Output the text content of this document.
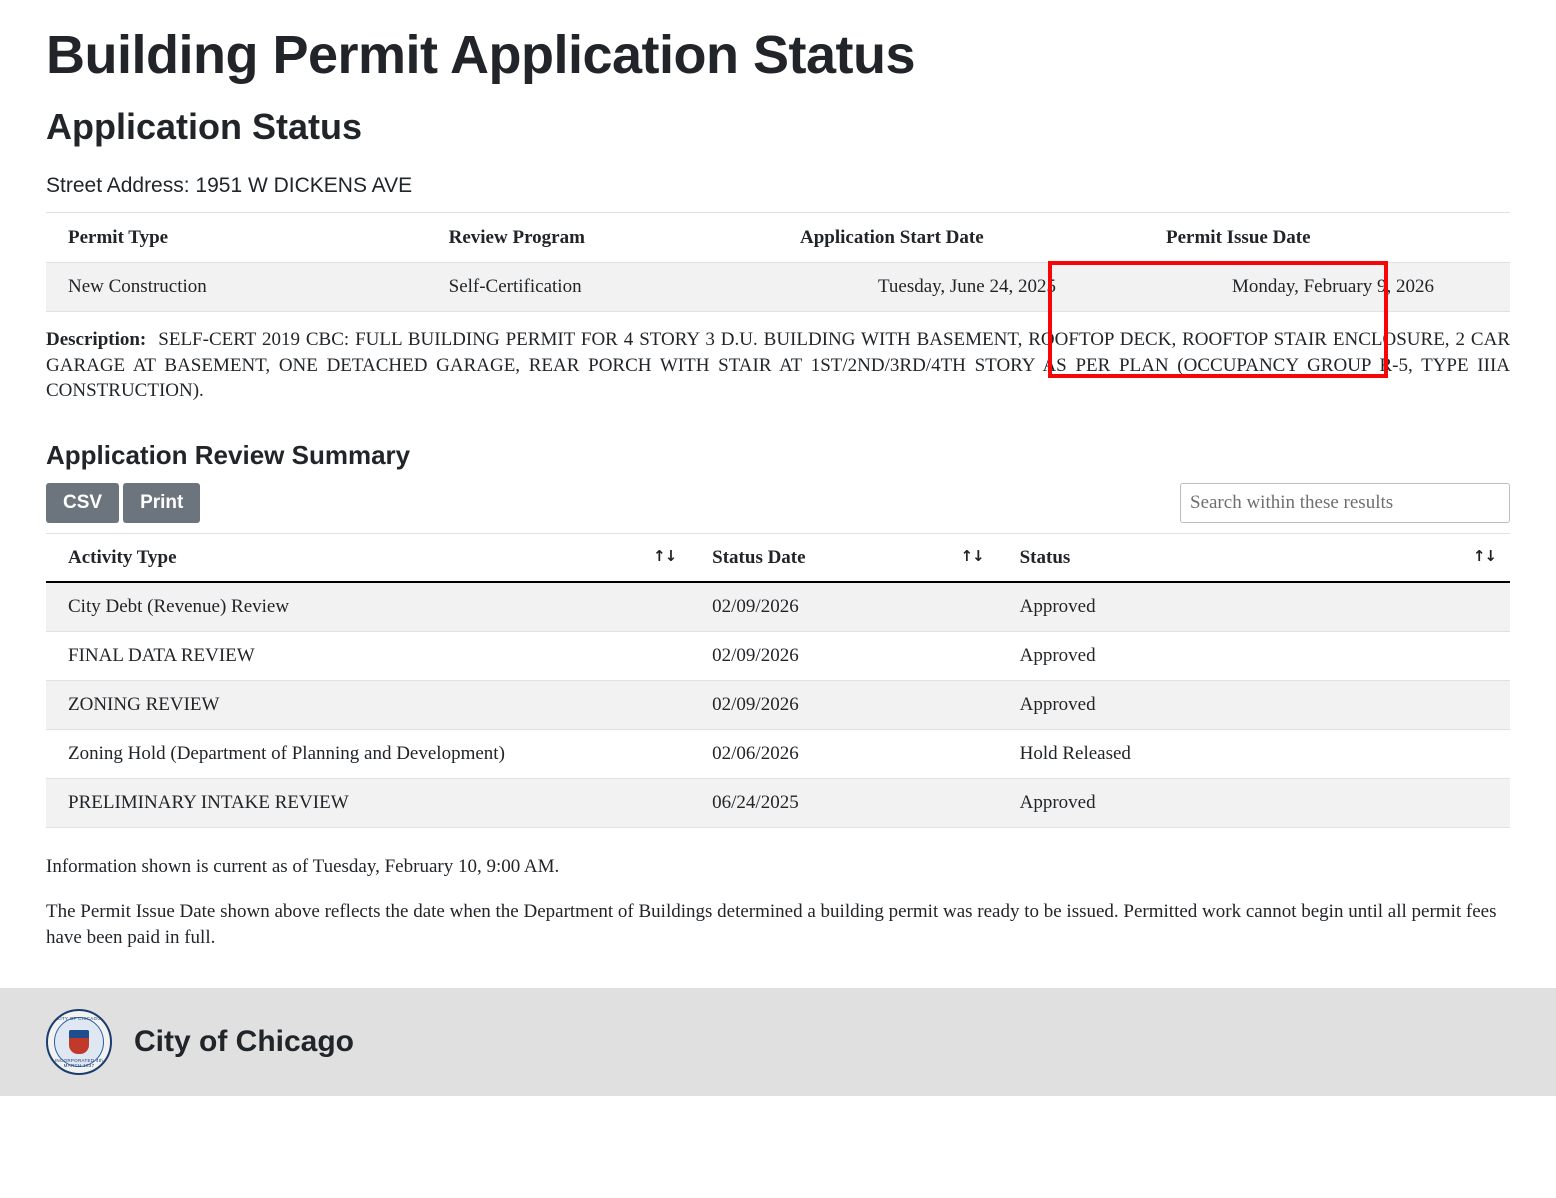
Building Permit Application Status
Application Status
Street Address: 1951 W DICKENS AVE
Permit Type	Review Program	Application Start Date	Permit Issue Date
New Construction	Self-Certification	Tuesday, June 24, 2025	Monday, February 9, 2026

Description: SELF-CERT 2019 CBC: FULL BUILDING PERMIT FOR 4 STORY 3 D.U. BUILDING WITH BASEMENT, ROOFTOP DECK, ROOFTOP STAIR ENCLOSURE, 2 CAR GARAGE AT BASEMENT, ONE DETACHED GARAGE, REAR PORCH WITH STAIR AT 1ST/2ND/3RD/4TH STORY AS PER PLAN (OCCUPANCY GROUP R-5, TYPE IIIA CONSTRUCTION).

Application Review Summary
CSV	Print
Search within these results
Activity Type ↑↓	Status Date ↑↓	Status ↑↓

City Debt (Revenue) Review	02/09/2026	Approved
FINAL DATA REVIEW	02/09/2026	Approved
ZONING REVIEW	02/09/2026	Approved
Zoning Hold (Department of Planning and Development)	02/06/2026	Hold Released
PRELIMINARY INTAKE REVIEW	06/24/2025	Approved

Information shown is current as of Tuesday, February 10, 9:00 AM.

The Permit Issue Date shown above reflects the date when the Department of Buildings determined a building permit was ready to be issued. Permitted work cannot begin until all permit fees have been paid in full.

CITY OF CHICAGO
INCORPORATED 4th MARCH 1837
City of Chicago
